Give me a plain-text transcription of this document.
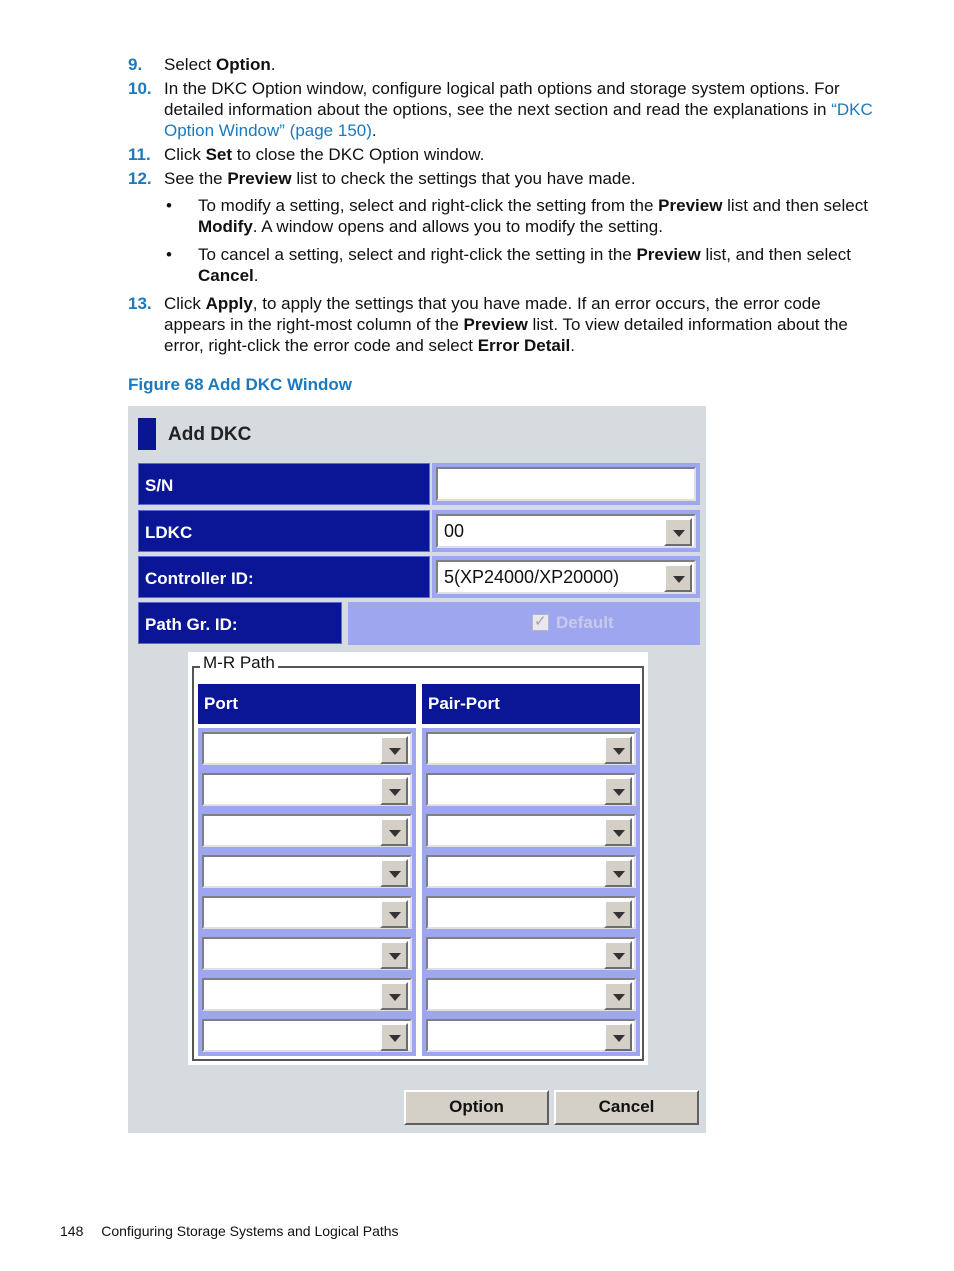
9. Select Option.
10. In the DKC Option window, configure logical path options and storage system options. For detailed information about the options, see the next section and read the explanations in “DKC Option Window” (page 150).
11. Click Set to close the DKC Option window.
12. See the Preview list to check the settings that you have made.
• To modify a setting, select and right-click the setting from the Preview list and then select Modify. A window opens and allows you to modify the setting.
• To cancel a setting, select and right-click the setting in the Preview list, and then select Cancel.
13. Click Apply, to apply the settings that you have made. If an error occurs, the error code appears in the right-most column of the Preview list. To view detailed information about the error, right-click the error code and select Error Detail.
Figure 68 Add DKC Window
Add DKC
S/N
LDKC	00
Controller ID:	5(XP24000/XP20000)
Path Gr. ID:
✓	Default
M-R Path
Port	Pair-Port
Option	Cancel
148 Configuring Storage Systems and Logical Paths
